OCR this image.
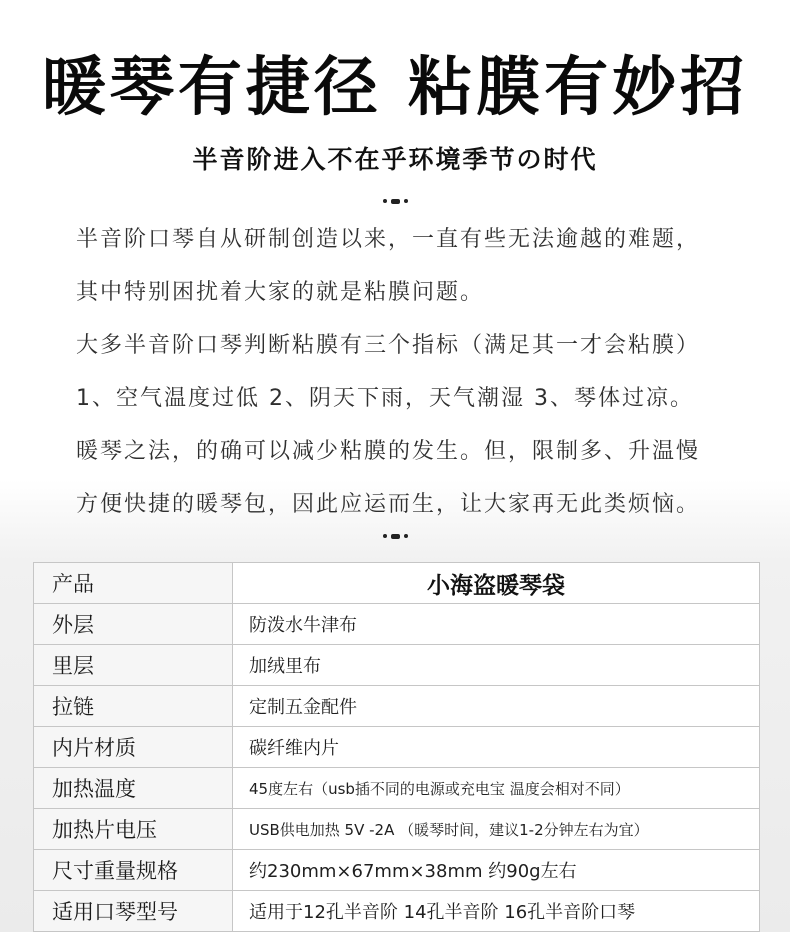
暖琴有捷径 粘膜有妙招
半音阶进入不在乎环境季节の时代
半音阶口琴自从研制创造以来，一直有些无法逾越的难题，
其中特别困扰着大家的就是粘膜问题。
大多半音阶口琴判断粘膜有三个指标（满足其一才会粘膜）
1、空气温度过低 2、阴天下雨，天气潮湿 3、琴体过凉。
暖琴之法，的确可以减少粘膜的发生。但，限制多、升温慢
方便快捷的暖琴包，因此应运而生，让大家再无此类烦恼。
产品	小海盗暖琴袋
外层	防泼水牛津布
里层	加绒里布
拉链	定制五金配件
内片材质	碳纤维内片
加热温度	45度左右（usb插不同的电源或充电宝 温度会相对不同）
加热片电压	USB供电加热 5V -2A （暖琴时间，建议1-2分钟左右为宜）
尺寸重量规格	约230mm×67mm×38mm 约90g左右
适用口琴型号	适用于12孔半音阶 14孔半音阶 16孔半音阶口琴
